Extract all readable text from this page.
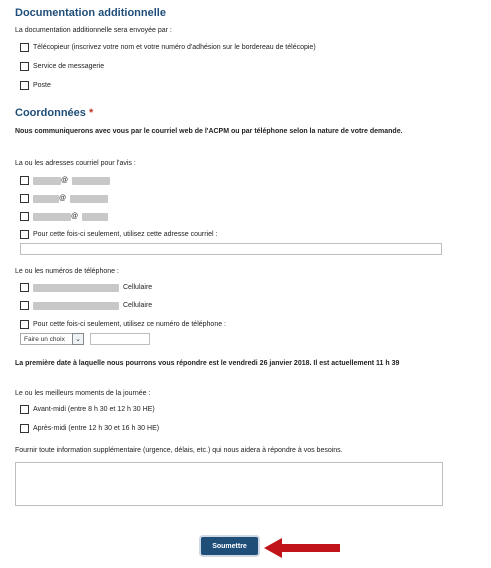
Documentation additionnelle
La documentation additionnelle sera envoyée par :
Télécopieur (inscrivez votre nom et votre numéro d'adhésion sur le bordereau de télécopie)
Service de messagerie
Poste
Coordonnées *
Nous communiquerons avec vous par le courriel web de l'ACPM ou par téléphone selon la nature de votre demande.
La ou les adresses courriel pour l'avis :
@
@
@
Pour cette fois-ci seulement, utilisez cette adresse courriel :
Le ou les numéros de téléphone :
Cellulaire
Cellulaire
Pour cette fois-ci seulement, utilisez ce numéro de téléphone :
Faire un choix	⌄
La première date à laquelle nous pourrons vous répondre est le vendredi 26 janvier 2018. Il est actuellement 11 h 39
Le ou les meilleurs moments de la journée :
Avant-midi (entre 8 h 30 et 12 h 30 HE)
Après-midi (entre 12 h 30 et 16 h 30 HE)
Fournir toute information supplémentaire (urgence, délais, etc.) qui nous aidera à répondre à vos besoins.
Soumettre
